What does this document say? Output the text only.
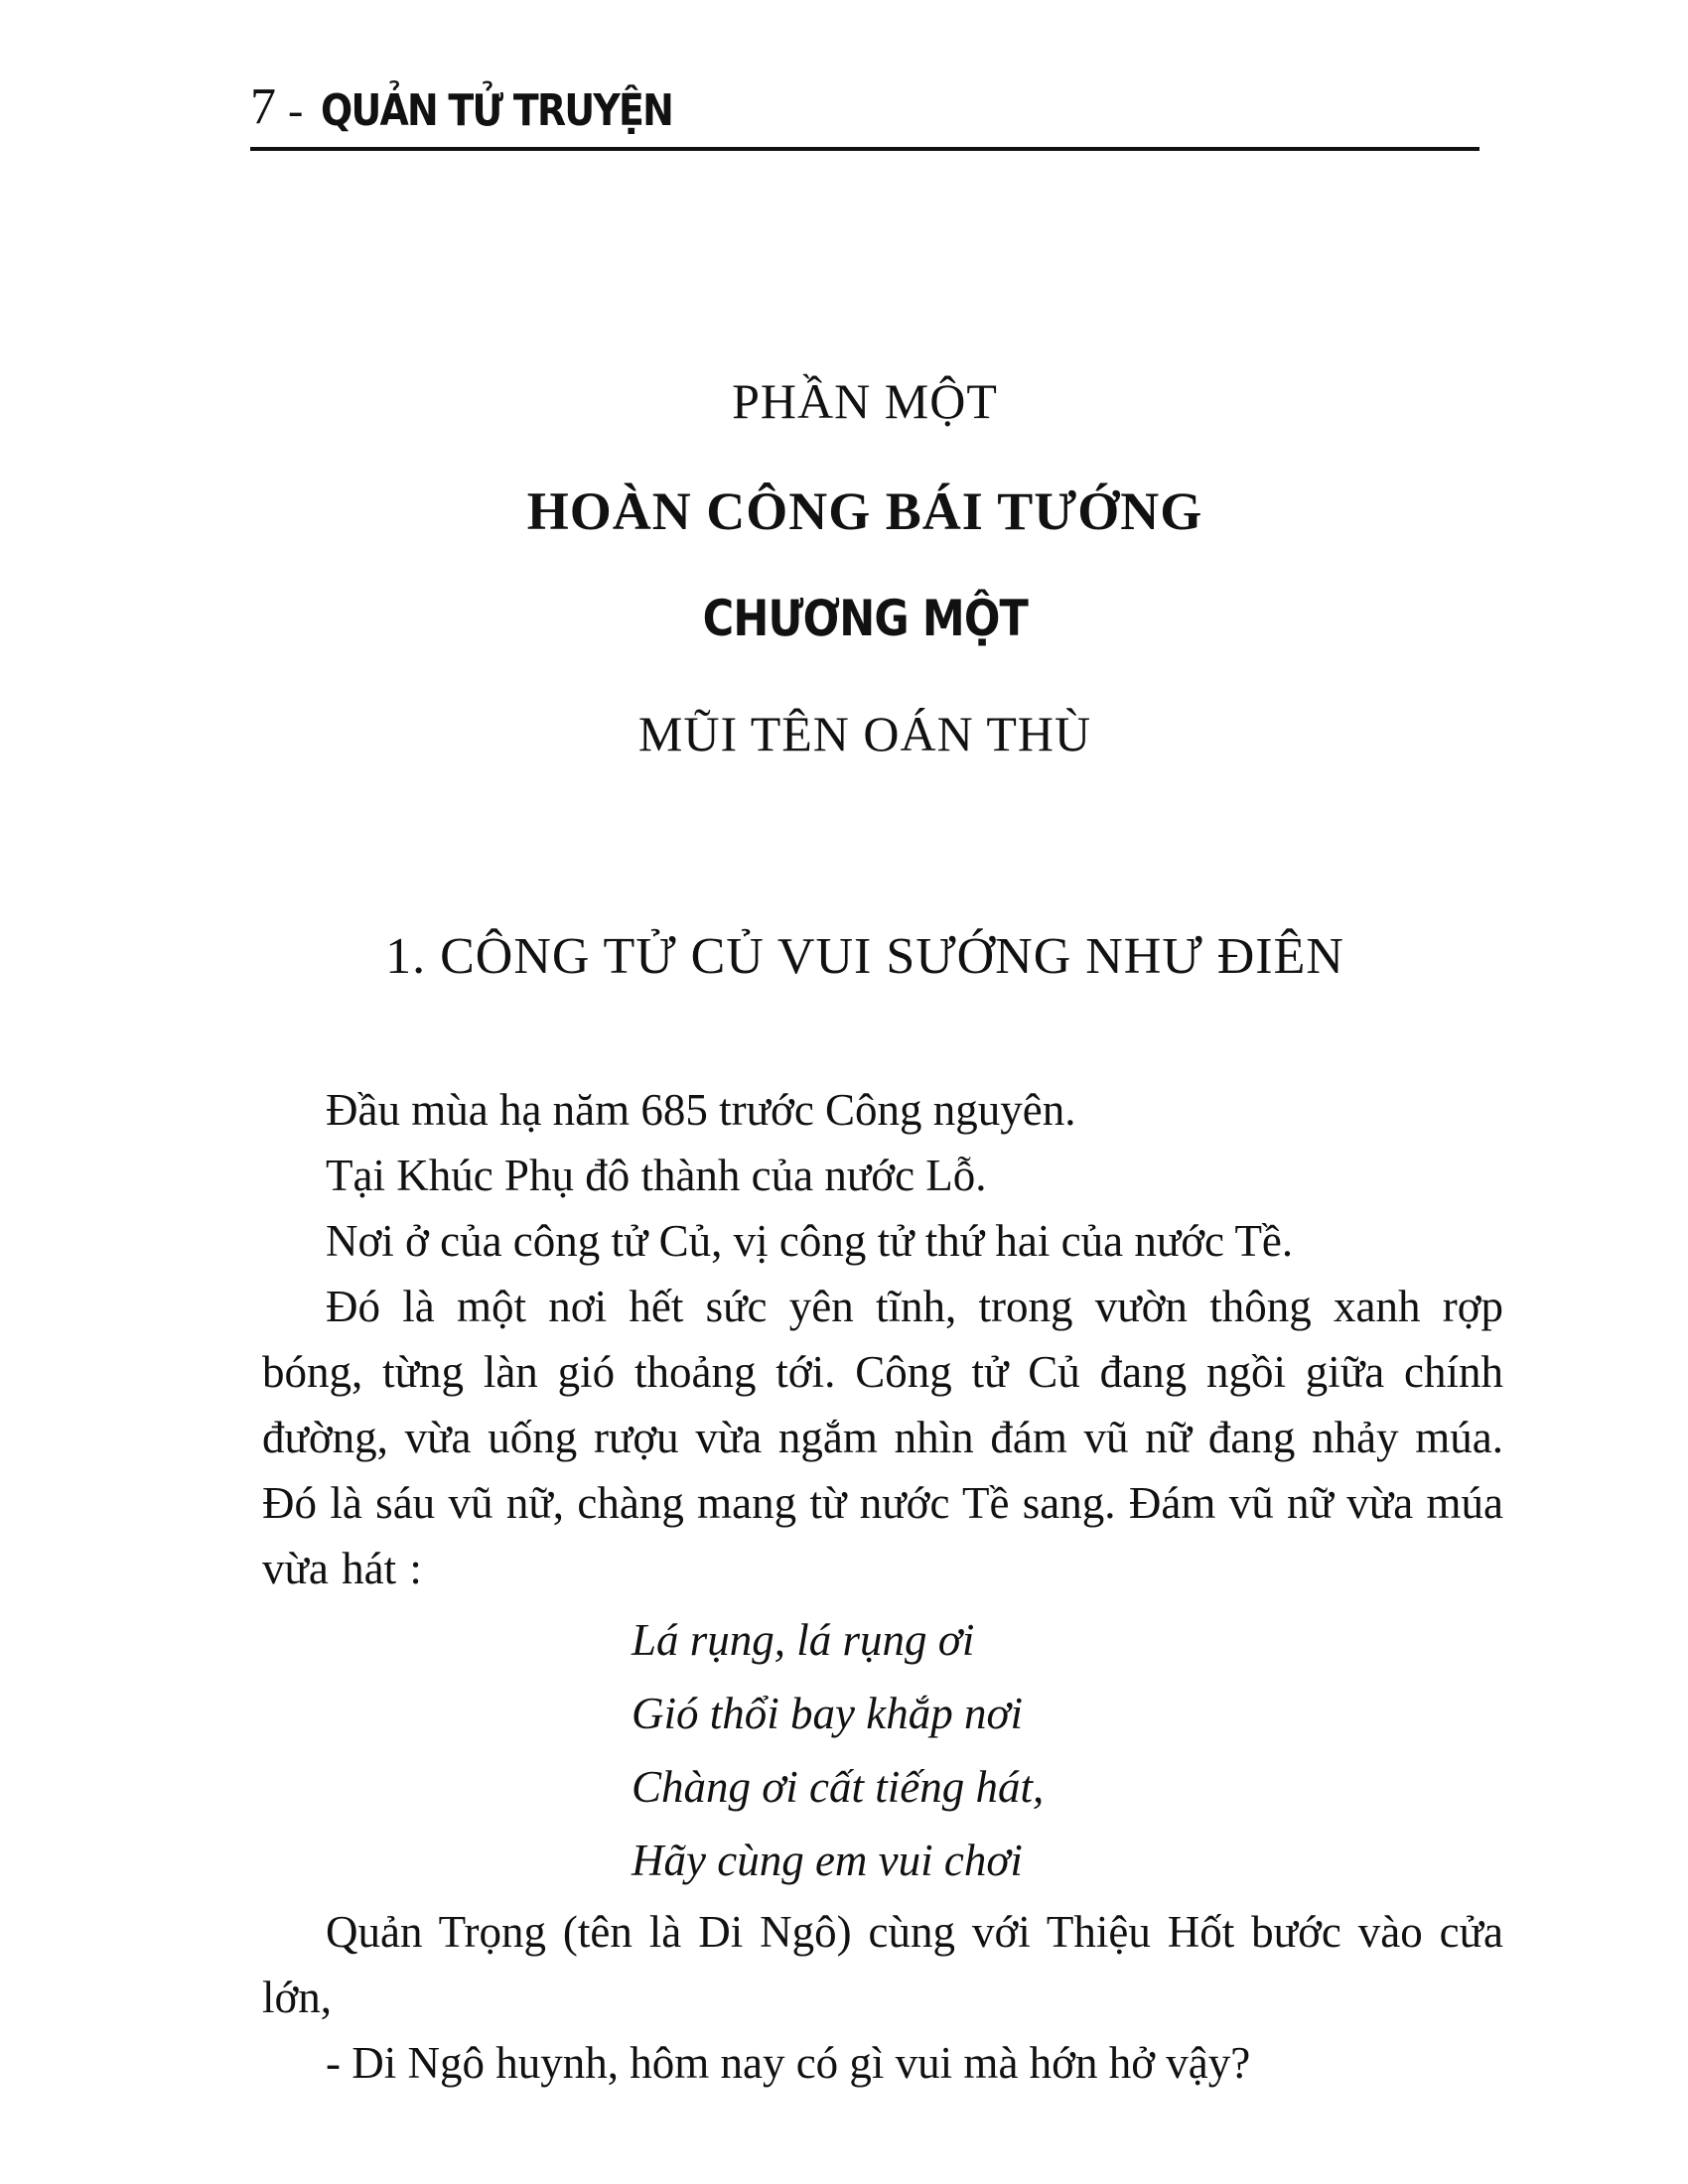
7 - QUẢN TỬ TRUYỆN
PHẦN MỘT
HOÀN CÔNG BÁI TƯỚNG
CHƯƠNG MỘT
MŨI TÊN OÁN THÙ
1. CÔNG TỬ CỦ VUI SƯỚNG NHƯ ĐIÊN

Đầu mùa hạ năm 685 trước Công nguyên.

Tại Khúc Phụ đô thành của nước Lỗ.

Nơi ở của công tử Củ, vị công tử thứ hai của nước Tề.

Đó là một nơi hết sức yên tĩnh, trong vườn thông xanh rợp bóng, từng làn gió thoảng tới. Công tử Củ đang ngồi giữa chính đường, vừa uống rượu vừa ngắm nhìn đám vũ nữ đang nhảy múa. Đó là sáu vũ nữ, chàng mang từ nước Tề sang. Đám vũ nữ vừa múa vừa hát :

Lá rụng, lá rụng ơi

Gió thổi bay khắp nơi

Chàng ơi cất tiếng hát,

Hãy cùng em vui chơi

Quản Trọng (tên là Di Ngô) cùng với Thiệu Hốt bước vào cửa lớn,

- Di Ngô huynh, hôm nay có gì vui mà hớn hở vậy?
